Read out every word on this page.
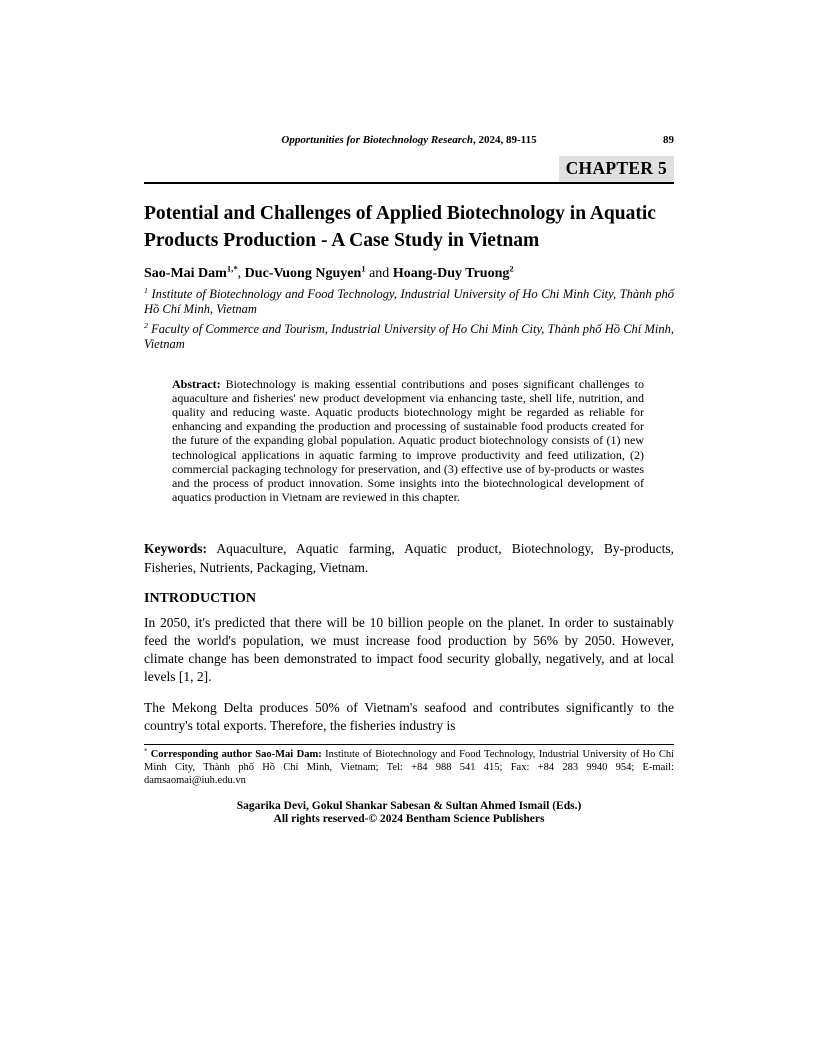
Opportunities for Biotechnology Research, 2024, 89-115	89
CHAPTER 5
Potential and Challenges of Applied Biotechnology in Aquatic Products Production - A Case Study in Vietnam

Sao-Mai Dam$^{1,*}$, Duc-Vuong Nguyen$^1$ and Hoang-Duy Truong$^2$

$^1$ Institute of Biotechnology and Food Technology, Industrial University of Ho Chi Minh City, Thành phố Hồ Chí Minh, Vietnam

$^2$ Faculty of Commerce and Tourism, Industrial University of Ho Chi Minh City, Thành phố Hồ Chí Minh, Vietnam

Abstract: Biotechnology is making essential contributions and poses significant challenges to aquaculture and fisheries' new product development via enhancing taste, shell life, nutrition, and quality and reducing waste. Aquatic products biotechnology might be regarded as reliable for enhancing and expanding the production and processing of sustainable food products created for the future of the expanding global population. Aquatic product biotechnology consists of (1) new technological applications in aquatic farming to improve productivity and feed utilization, (2) commercial packaging technology for preservation, and (3) effective use of by-products or wastes and the process of product innovation. Some insights into the biotechnological development of aquatics production in Vietnam are reviewed in this chapter.

Keywords: Aquaculture, Aquatic farming, Aquatic product, Biotechnology, By-products, Fisheries, Nutrients, Packaging, Vietnam.

INTRODUCTION

In 2050, it's predicted that there will be 10 billion people on the planet. In order to sustainably feed the world's population, we must increase food production by 56% by 2050. However, climate change has been demonstrated to impact food security globally, negatively, and at local levels [1, 2].

The Mekong Delta produces 50% of Vietnam's seafood and contributes significantly to the country's total exports. Therefore, the fisheries industry is

* Corresponding author Sao-Mai Dam: Institute of Biotechnology and Food Technology, Industrial University of Ho Chi Minh City, Thành phố Hồ Chí Minh, Vietnam; Tel: +84 988 541 415; Fax: +84 283 9940 954; E-mail: damsaomai@iuh.edu.vn
Sagarika Devi, Gokul Shankar Sabesan & Sultan Ahmed Ismail (Eds.)
All rights reserved-© 2024 Bentham Science Publishers
